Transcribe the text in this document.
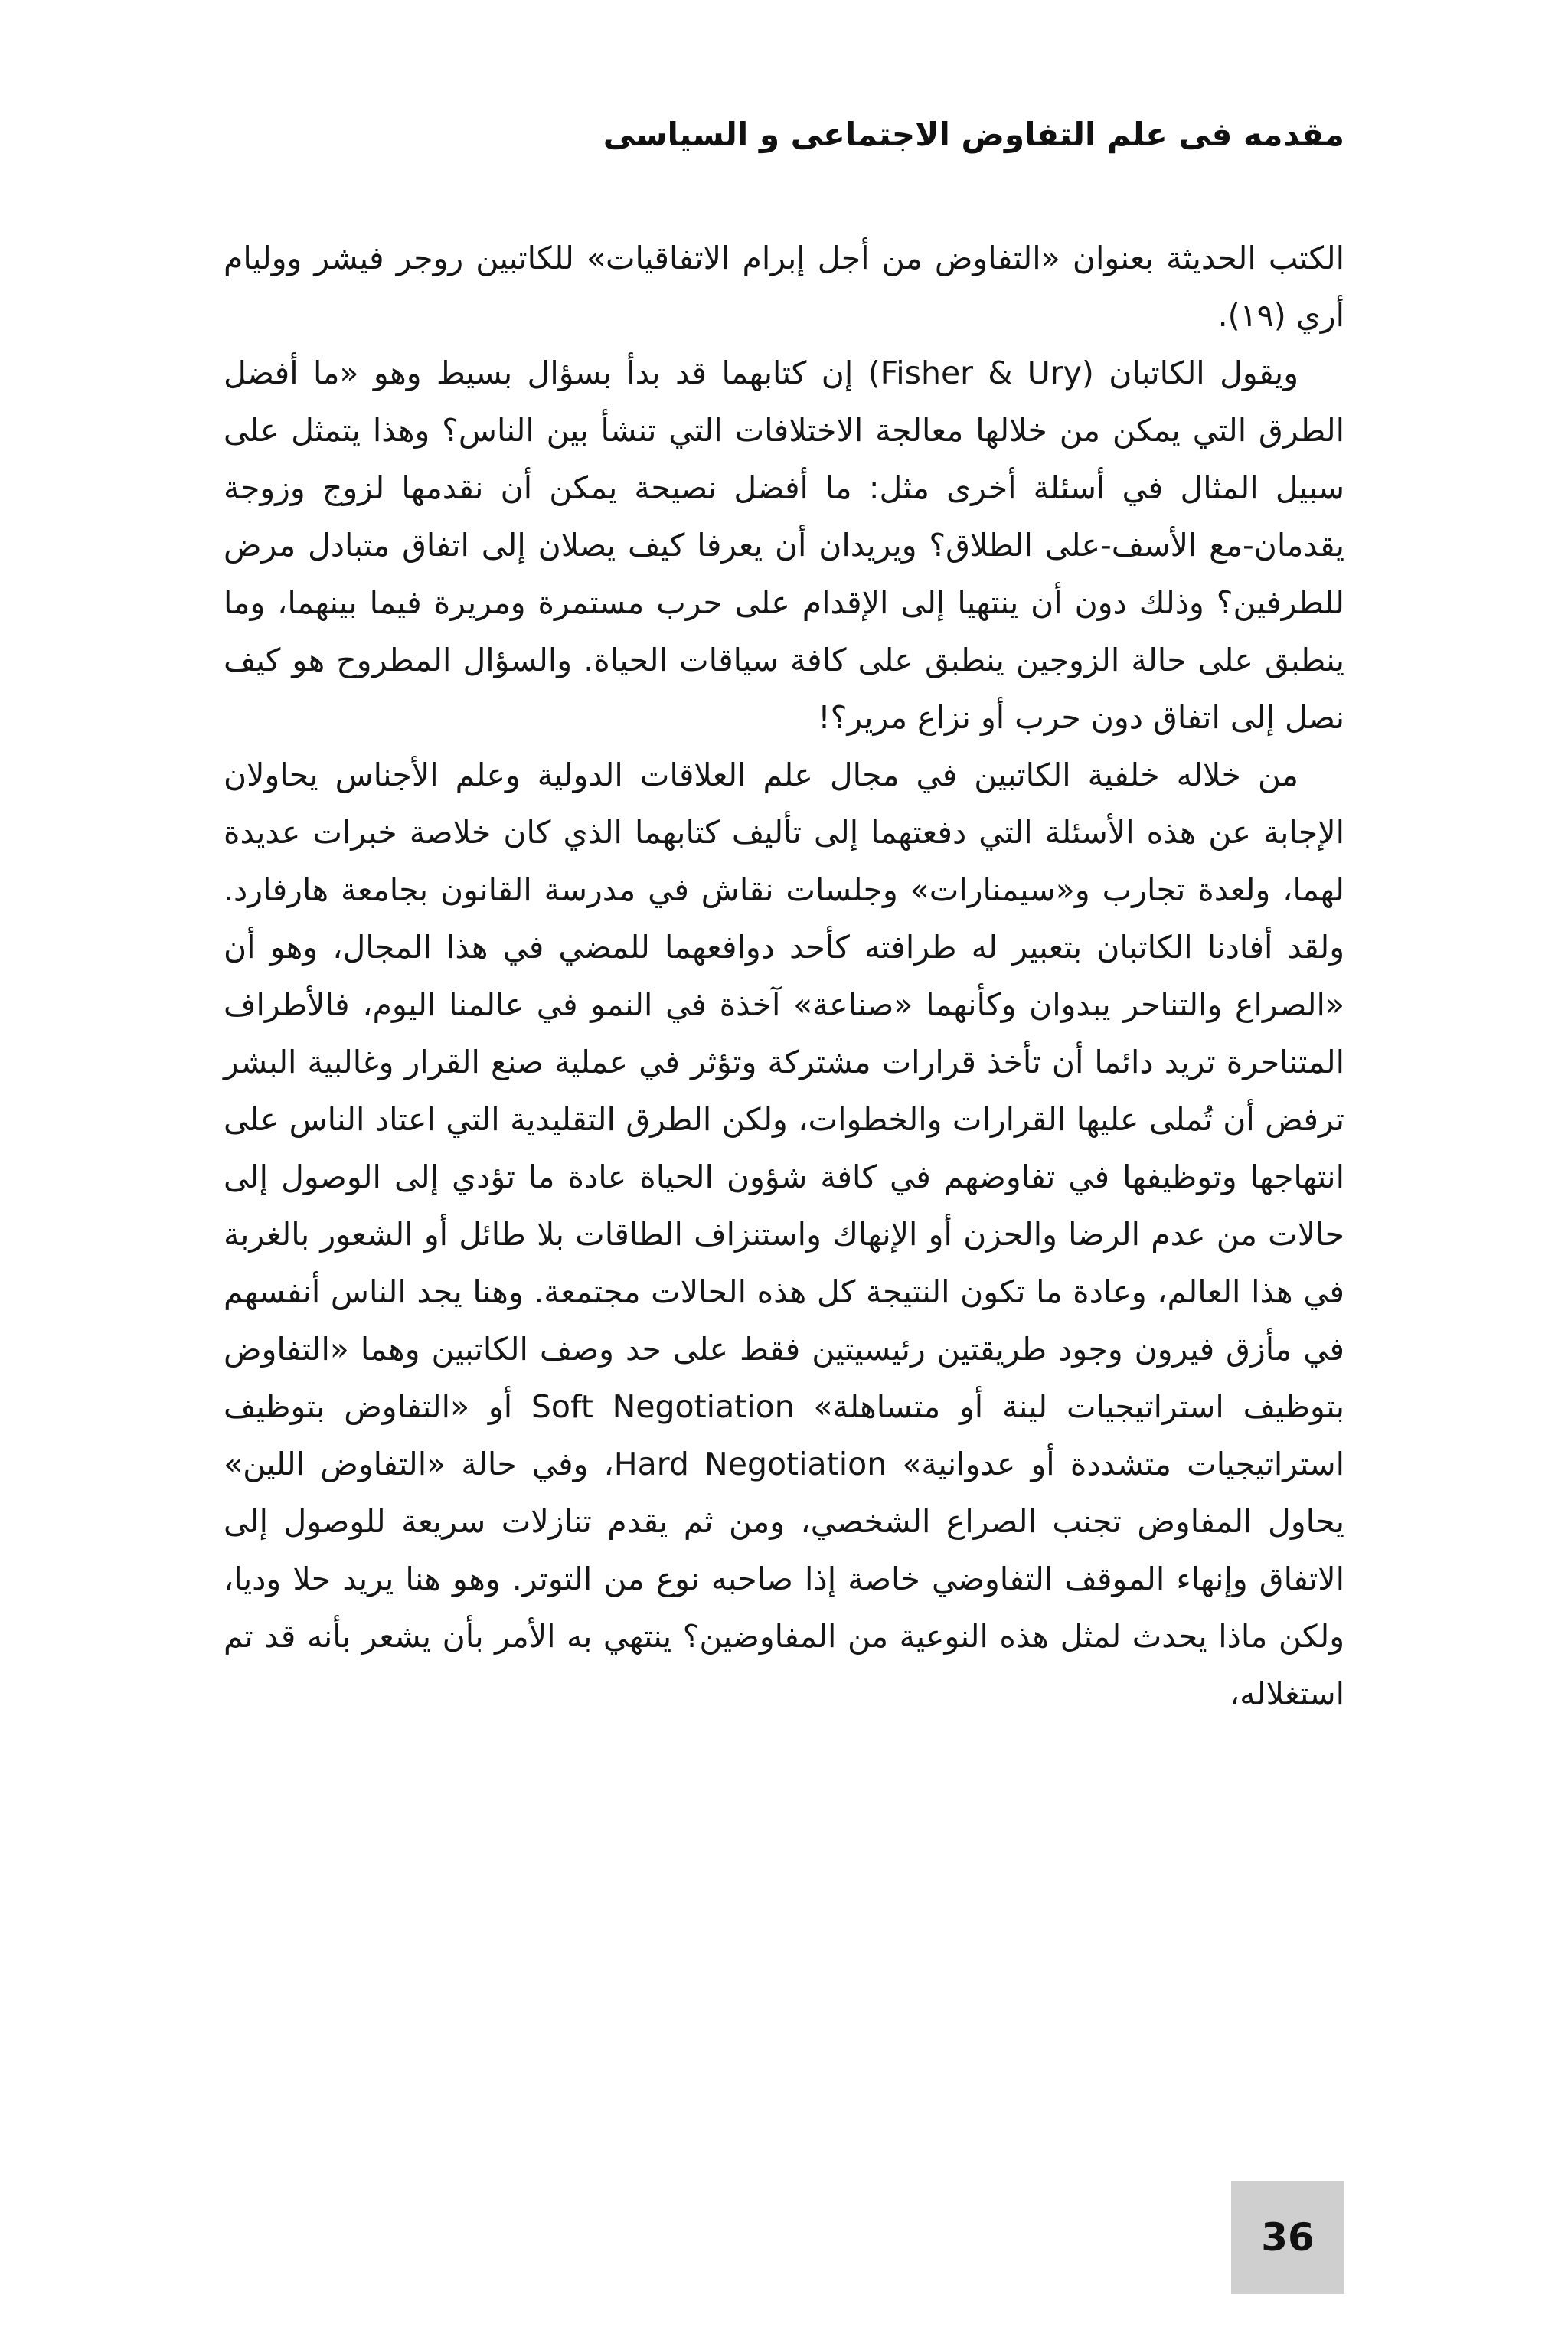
مقدمه فى علم التفاوض الاجتماعى و السياسى

الكتب الحديثة بعنوان «التفاوض من أجل إبرام الاتفاقيات» للكاتبين روجر فيشر ووليام أري (١٩).

ويقول الكاتبان (Fisher & Ury) إن كتابهما قد بدأ بسؤال بسيط وهو «ما أفضل الطرق التي يمكن من خلالها معالجة الاختلافات التي تنشأ بين الناس؟ وهذا يتمثل على سبيل المثال في أسئلة أخرى مثل: ما أفضل نصيحة يمكن أن نقدمها لزوج وزوجة يقدمان-مع الأسف-على الطلاق؟ ويريدان أن يعرفا كيف يصلان إلى اتفاق متبادل مرض للطرفين؟ وذلك دون أن ينتهيا إلى الإقدام على حرب مستمرة ومريرة فيما بينهما، وما ينطبق على حالة الزوجين ينطبق على كافة سياقات الحياة. والسؤال المطروح هو كيف نصل إلى اتفاق دون حرب أو نزاع مرير؟!

من خلاله خلفية الكاتبين في مجال علم العلاقات الدولية وعلم الأجناس يحاولان الإجابة عن هذه الأسئلة التي دفعتهما إلى تأليف كتابهما الذي كان خلاصة خبرات عديدة لهما، ولعدة تجارب و«سيمنارات» وجلسات نقاش في مدرسة القانون بجامعة هارفارد. ولقد أفادنا الكاتبان بتعبير له طرافته كأحد دوافعهما للمضي في هذا المجال، وهو أن «الصراع والتناحر يبدوان وكأنهما «صناعة» آخذة في النمو في عالمنا اليوم، فالأطراف المتناحرة تريد دائما أن تأخذ قرارات مشتركة وتؤثر في عملية صنع القرار وغالبية البشر ترفض أن تُملى عليها القرارات والخطوات، ولكن الطرق التقليدية التي اعتاد الناس على انتهاجها وتوظيفها في تفاوضهم في كافة شؤون الحياة عادة ما تؤدي إلى الوصول إلى حالات من عدم الرضا والحزن أو الإنهاك واستنزاف الطاقات بلا طائل أو الشعور بالغربة في هذا العالم، وعادة ما تكون النتيجة كل هذه الحالات مجتمعة. وهنا يجد الناس أنفسهم في مأزق فيرون وجود طريقتين رئيسيتين فقط على حد وصف الكاتبين وهما «التفاوض بتوظيف استراتيجيات لينة أو متساهلة» Soft Negotiation أو «التفاوض بتوظيف استراتيجيات متشددة أو عدوانية» Hard Negotiation، وفي حالة «التفاوض اللين» يحاول المفاوض تجنب الصراع الشخصي، ومن ثم يقدم تنازلات سريعة للوصول إلى الاتفاق وإنهاء الموقف التفاوضي خاصة إذا صاحبه نوع من التوتر. وهو هنا يريد حلا وديا، ولكن ماذا يحدث لمثل هذه النوعية من المفاوضين؟ ينتهي به الأمر بأن يشعر بأنه قد تم استغلاله،

36
